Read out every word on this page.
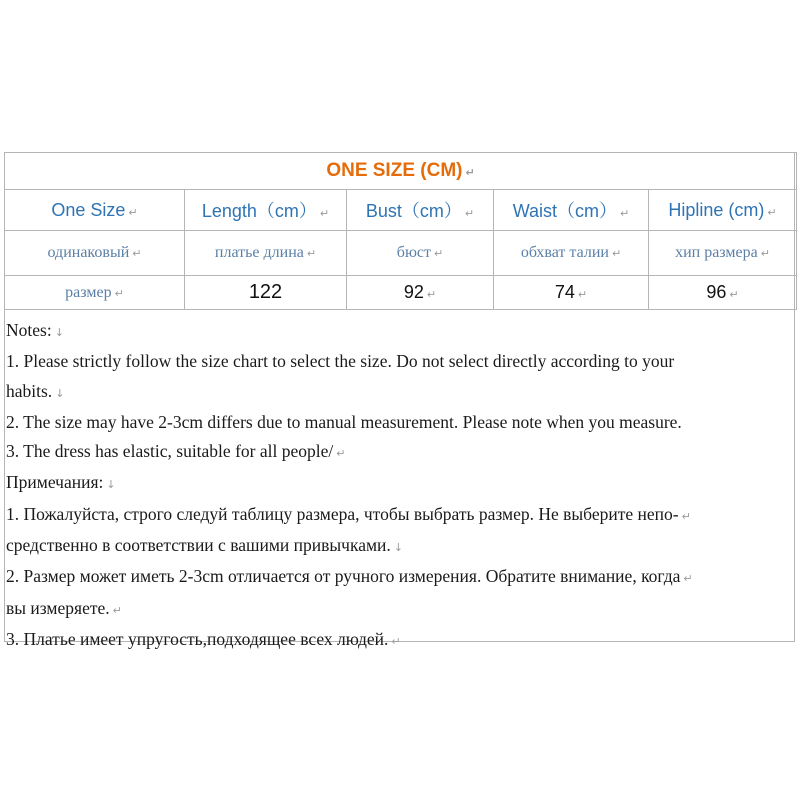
ONE SIZE (CM) ↵				
One Size ↵	Length（cm） ↵	Bust（cm） ↵	Waist（cm） ↵	Hipline (cm) ↵
одинаковый ↵	платье длина ↵	бюст ↵	обхват талии ↵	хип размера ↵
размер ↵	122	92 ↵	74 ↵	96 ↵
Notes: ↓
1. Please strictly follow the size chart to select the size. Do not select directly according to your
habits. ↓
2. The size may have 2-3cm differs due to manual measurement. Please note when you measure.
3. The dress has elastic, suitable for all people/ ↵
Примечания: ↓
1. Пожалуйста, строго следуй таблицу размера, чтобы выбрать размер. Не выберите непо- ↵
средственно в соответствии с вашими привычками. ↓
2. Размер может иметь 2-3cm отличается от ручного измерения. Обратите внимание, когда ↵
вы измеряете. ↵
3. Платье имеет упругость,подходящее всех людей. ↵
